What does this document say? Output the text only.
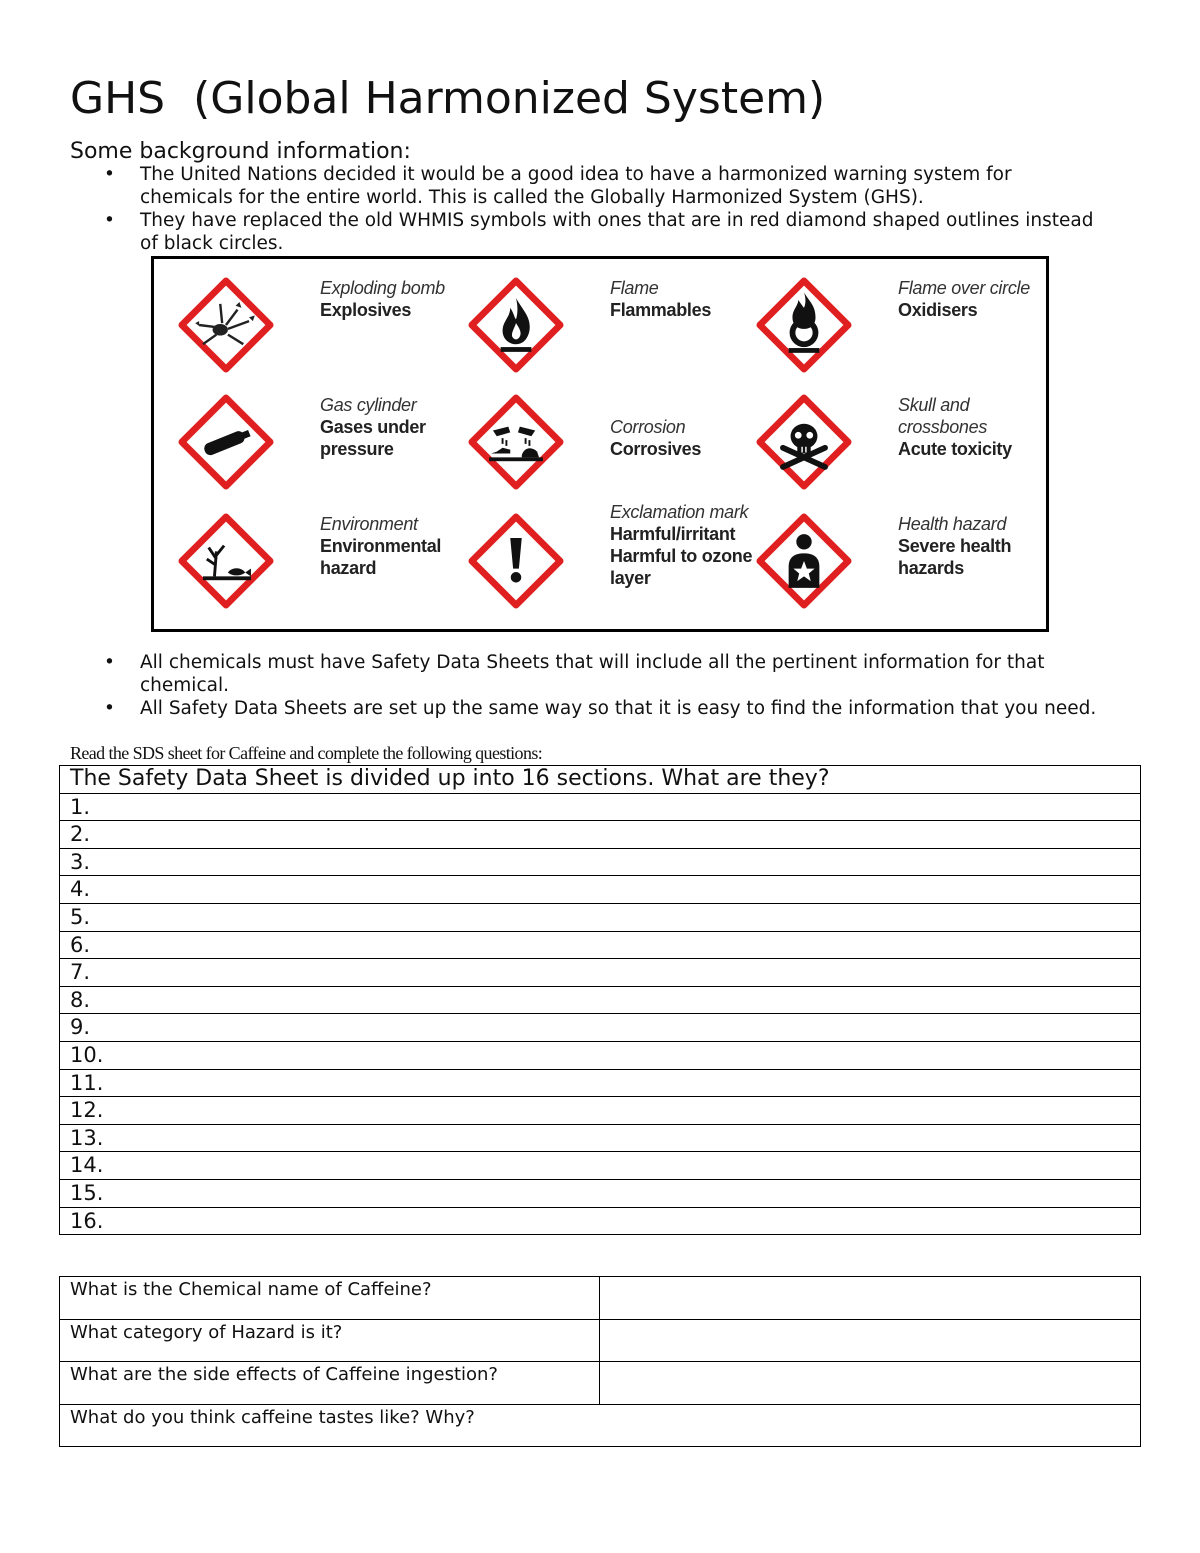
GHS  (Global Harmonized System)
Some background information:
• The United Nations decided it would be a good idea to have a harmonized warning system for chemicals for the entire world. This is called the Globally Harmonized System (GHS).
• They have replaced the old WHMIS symbols with ones that are in red diamond shaped outlines instead of black circles.
Exploding bomb
Explosives
Flame
Flammables
Flame over circle
Oxidisers
Gas cylinder
Gases under pressure
Corrosion
Corrosives
Skull and crossbones
Acute toxicity
Environment
Environmental hazard
Exclamation mark
Harmful/irritant Harmful to ozone layer
Health hazard
Severe health hazards
• All chemicals must have Safety Data Sheets that will include all the pertinent information for that chemical.
• All Safety Data Sheets are set up the same way so that it is easy to find the information that you need.
Read the SDS sheet for Caffeine and complete the following questions:
The Safety Data Sheet is divided up into 16 sections. What are they?
1.
2.
3.
4.
5.
6.
7.
8.
9.
10.
11.
12.
13.
14.
15.
16.
What is the Chemical name of Caffeine?	
What category of Hazard is it?	
What are the side effects of Caffeine ingestion?	
What do you think caffeine tastes like? Why?	
